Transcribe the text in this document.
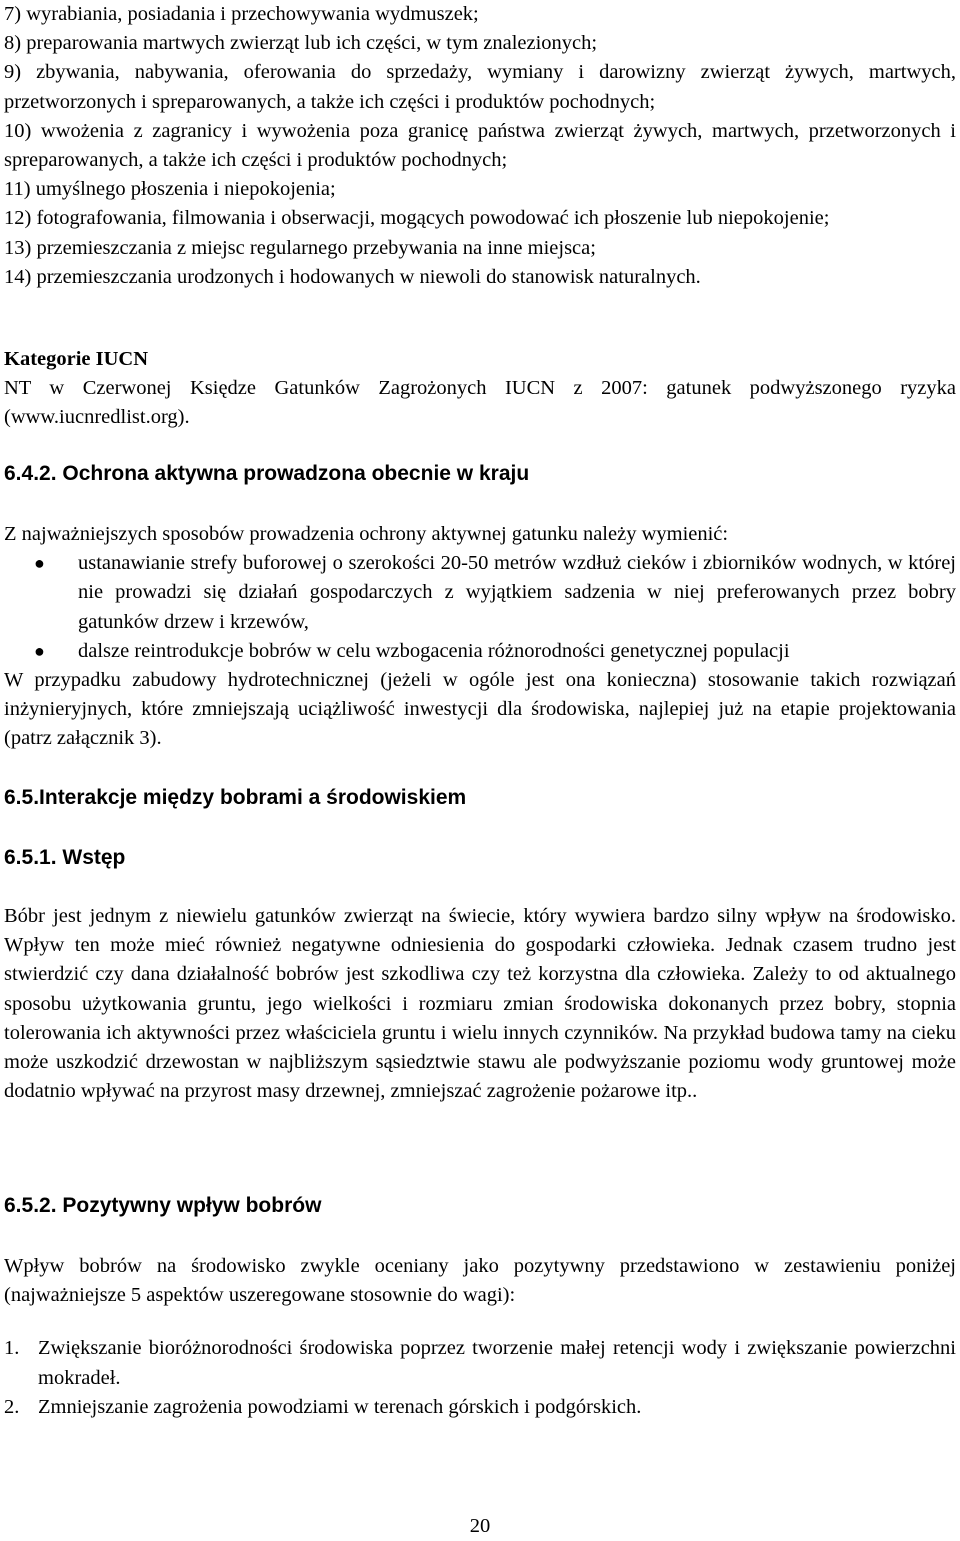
7) wyrabiania, posiadania i przechowywania wydmuszek;

8) preparowania martwych zwierząt lub ich części, w tym znalezionych;

9) zbywania, nabywania, oferowania do sprzedaży, wymiany i darowizny zwierząt żywych, martwych, przetworzonych i spreparowanych, a także ich części i produktów pochodnych;

10) wwożenia z zagranicy i wywożenia poza granicę państwa zwierząt żywych, martwych, przetworzonych i spreparowanych, a także ich części i produktów pochodnych;

11) umyślnego płoszenia i niepokojenia;

12) fotografowania, filmowania i obserwacji, mogących powodować ich płoszenie lub niepokojenie;

13) przemieszczania z miejsc regularnego przebywania na inne miejsca;

14) przemieszczania urodzonych i hodowanych w niewoli do stanowisk naturalnych.

Kategorie IUCN

NT w Czerwonej Księdze Gatunków Zagrożonych IUCN z 2007: gatunek podwyższonego ryzyka (www.iucnredlist.org).

6.4.2. Ochrona aktywna prowadzona obecnie w kraju

Z najważniejszych sposobów prowadzenia ochrony aktywnej gatunku należy wymienić:

● ustanawianie strefy buforowej o szerokości 20-50 metrów wzdłuż cieków i zbiorników wodnych, w której nie prowadzi się działań gospodarczych z wyjątkiem sadzenia w niej preferowanych przez bobry gatunków drzew i krzewów,
● dalsze reintrodukcje bobrów w celu wzbogacenia różnorodności genetycznej populacji

W przypadku zabudowy hydrotechnicznej (jeżeli w ogóle jest ona konieczna) stosowanie takich rozwiązań inżynieryjnych, które zmniejszają uciążliwość inwestycji dla środowiska, najlepiej już na etapie projektowania (patrz załącznik 3).

6.5.Interakcje między bobrami a środowiskiem

6.5.1. Wstęp

Bóbr jest jednym z niewielu gatunków zwierząt na świecie, który wywiera bardzo silny wpływ na środowisko. Wpływ ten może mieć również negatywne odniesienia do gospodarki człowieka. Jednak czasem trudno jest stwierdzić czy dana działalność bobrów jest szkodliwa czy też korzystna dla człowieka. Zależy to od aktualnego sposobu użytkowania gruntu, jego wielkości i rozmiaru zmian środowiska dokonanych przez bobry, stopnia tolerowania ich aktywności przez właściciela gruntu i wielu innych czynników. Na przykład budowa tamy na cieku może uszkodzić drzewostan w najbliższym sąsiedztwie stawu ale podwyższanie poziomu wody gruntowej może dodatnio wpływać na przyrost masy drzewnej, zmniejszać zagrożenie pożarowe itp..

6.5.2. Pozytywny wpływ bobrów

Wpływ bobrów na środowisko zwykle oceniany jako pozytywny przedstawiono w zestawieniu poniżej (najważniejsze 5 aspektów uszeregowane stosownie do wagi):

1. Zwiększanie bioróżnorodności środowiska poprzez tworzenie małej retencji wody i zwiększanie powierzchni mokradeł.
2. Zmniejszanie zagrożenia powodziami w terenach górskich i podgórskich.
20
